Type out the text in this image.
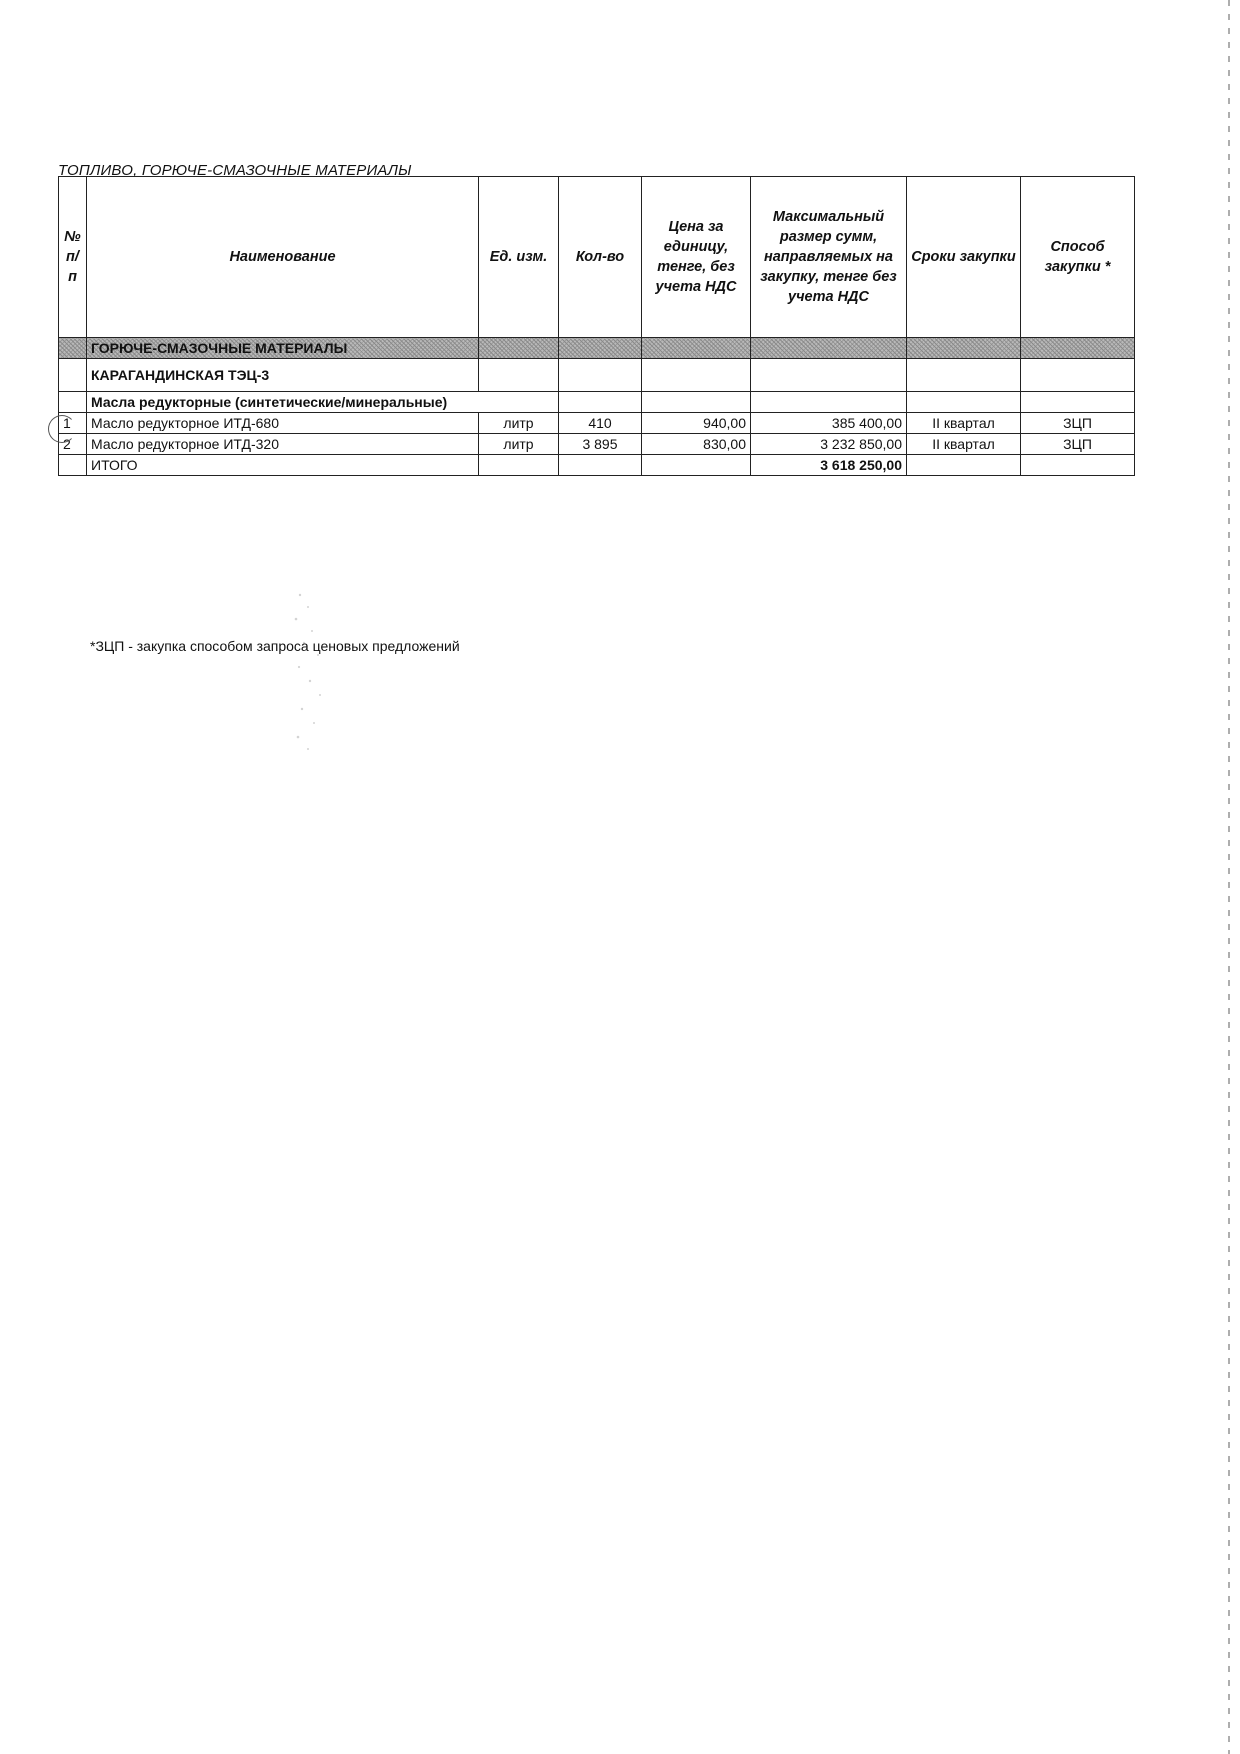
ТОПЛИВО, ГОРЮЧЕ-СМАЗОЧНЫЕ МАТЕРИАЛЫ
№ п/п	Наименование	Ед. изм.	Кол-во	Цена за единицу, тенге, без учета НДС	Максимальный размер сумм, направляемых на закупку, тенге без учета НДС	Сроки закупки	Способ закупки *
	ГОРЮЧЕ-СМАЗОЧНЫЕ МАТЕРИАЛЫ						
	КАРАГАНДИНСКАЯ ТЭЦ-3						
	Масла редукторные (синтетические/минеральные)						
1	Масло редукторное ИТД-680	литр	410	940,00	385 400,00	II квартал	ЗЦП
2	Масло редукторное ИТД-320	литр	3 895	830,00	3 232 850,00	II квартал	ЗЦП
	ИТОГО				3 618 250,00		
*ЗЦП - закупка способом запроса ценовых предложений
